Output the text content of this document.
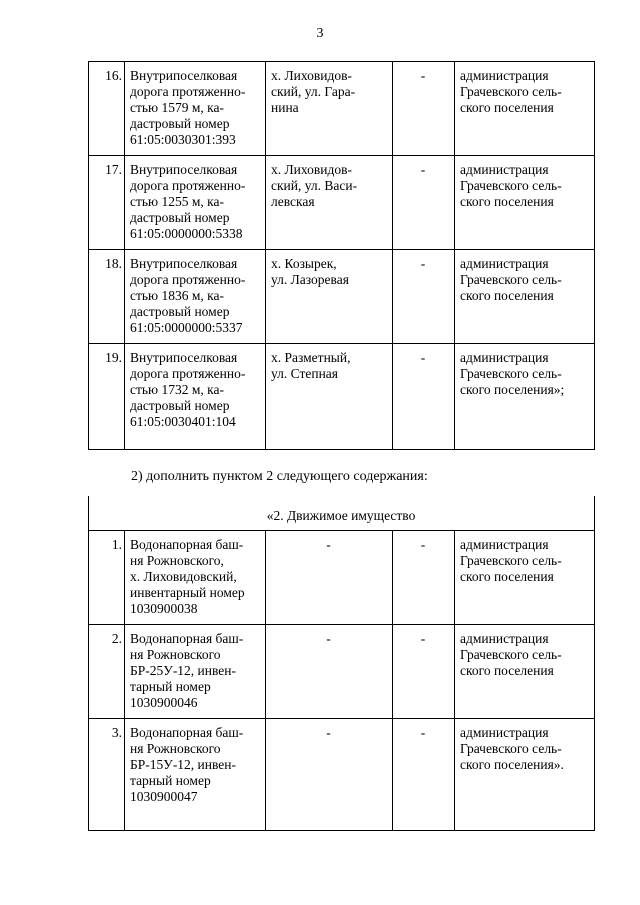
3
16.	Внутрипоселковая
дорога протяженно-
стью 1579 м, ка-
дастровый номер
61:05:0030301:393	х. Лиховидов-
ский, ул. Гара-
нина	-	администрация
Грачевского сель-
ского поселения
17.	Внутрипоселковая
дорога протяженно-
стью 1255 м, ка-
дастровый номер
61:05:0000000:5338	х. Лиховидов-
ский, ул. Васи-
левская	-	администрация
Грачевского сель-
ского поселения
18.	Внутрипоселковая
дорога протяженно-
стью 1836 м, ка-
дастровый номер
61:05:0000000:5337	х. Козырек,
ул. Лазоревая	-	администрация
Грачевского сель-
ского поселения
19.	Внутрипоселковая
дорога протяженно-
стью 1732 м, ка-
дастровый номер
61:05:0030401:104	х. Разметный,
ул. Степная	-	администрация
Грачевского сель-
ского поселения»;
2) дополнить пунктом 2 следующего содержания:
«2. Движимое имущество				
1.	Водонапорная баш-
ня Рожновского,
х. Лиховидовский,
инвентарный номер
1030900038	-	-	администрация
Грачевского сель-
ского поселения
2.	Водонапорная баш-
ня Рожновского
БР-25У-12, инвен-
тарный номер
1030900046	-	-	администрация
Грачевского сель-
ского поселения
3.	Водонапорная баш-
ня Рожновского
БР-15У-12, инвен-
тарный номер
1030900047	-	-	администрация
Грачевского сель-
ского поселения».
